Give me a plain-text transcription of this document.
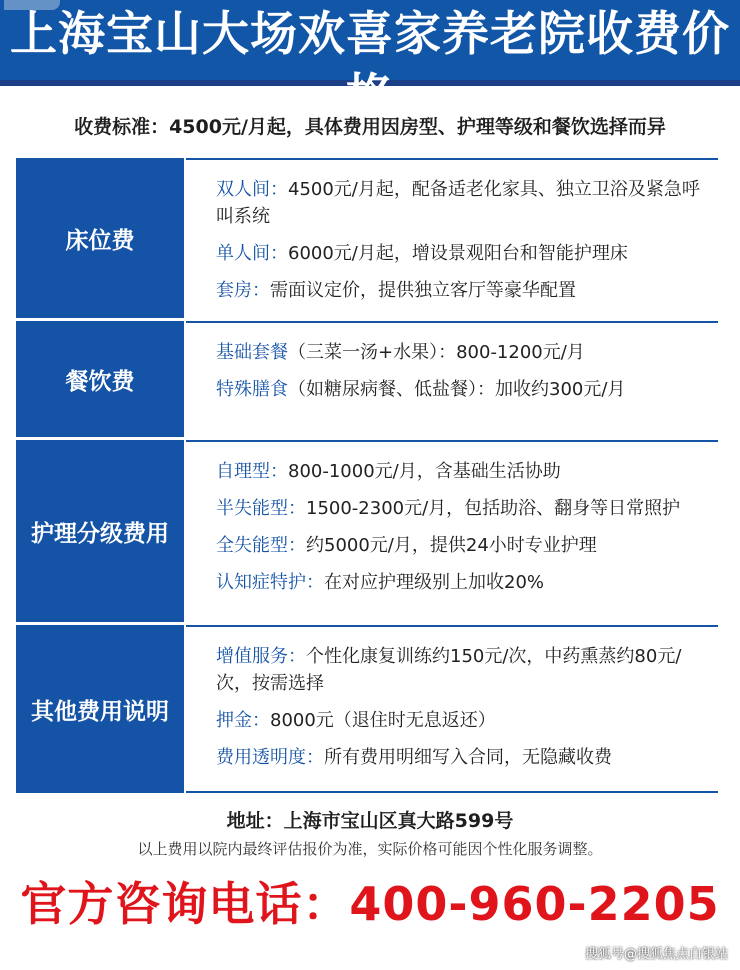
上海宝山大场欢喜家养老院收费价格
收费标准：4500元/月起，具体费用因房型、护理等级和餐饮选择而异
床位费
双人间：4500元/月起，配备适老化家具、独立卫浴及紧急呼叫系统
单人间：6000元/月起，增设景观阳台和智能护理床
套房：需面议定价，提供独立客厅等豪华配置
餐饮费
基础套餐（三菜一汤+水果）：800-1200元/月
特殊膳食（如糖尿病餐、低盐餐）：加收约300元/月
护理分级费用
自理型：800-1000元/月，含基础生活协助
半失能型：1500-2300元/月，包括助浴、翻身等日常照护
全失能型：约5000元/月，提供24小时专业护理
认知症特护：在对应护理级别上加收20%
其他费用说明
增值服务：个性化康复训练约150元/次，中药熏蒸约80元/次，按需选择
押金：8000元（退住时无息返还）
费用透明度：所有费用明细写入合同，无隐藏收费
地址：上海市宝山区真大路599号
以上费用以院内最终评估报价为准，实际价格可能因个性化服务调整。
官方咨询电话：400-960-2205
搜狐号@搜狐焦点白银站
